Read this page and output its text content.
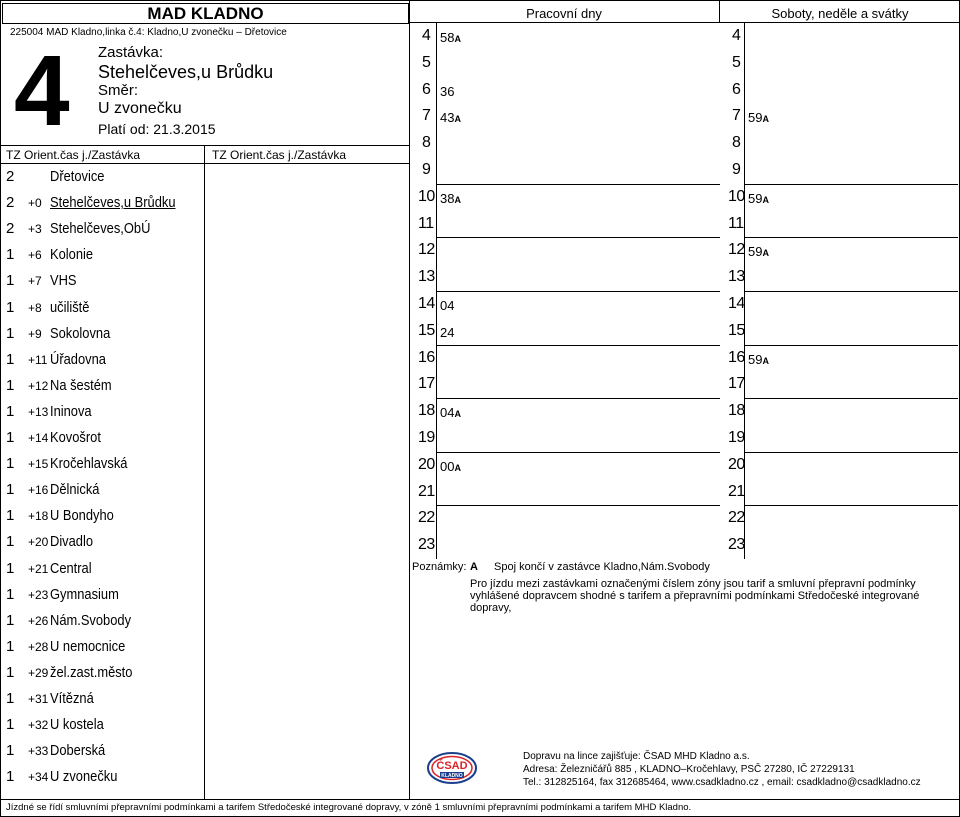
MAD KLADNO
225004 MAD Kladno,linka č.4: Kladno,U zvonečku – Dřetovice
4 Zastávka:
Stehelčeves,u Brůdku
Směr:
U zvonečku
Platí od: 21.3.2015
TZ Orient.čas j./Zastávka	TZ Orient.čas j./Zastávka
2	Dřetovice
2	+0 Stehelčeves,u Brůdku
2	+3 Stehelčeves,ObÚ
1	+6 Kolonie
1	+7 VHS
1	+8 učiliště
1	+9 Sokolovna
1	+11 Úřadovna
1	+12 Na šestém
1	+13 Ininova
1	+14 Kovošrot
1	+15 Kročehlavská
1	+16 Dělnická
1	+18 U Bondyho
1	+20 Divadlo
1	+21 Central
1	+23 Gymnasium
1	+26 Nám.Svobody
1	+28 U nemocnice
1	+29 žel.zast.město
1	+31 Vítězná
1	+32 U kostela
1	+33 Doberská
1	+34 U zvonečku
Pracovní dny
4 58A
5
6 36
7 43A
8
9
10 38A
11
12
13
14 04
15 24
16
17
18 04A
19
20 00A
21
22
23
Soboty, neděle a svátky
4
5
6
7 59A
8
9
10 59A
11
12 59A
13
14
15
16 59A
17
18
19
20
21
22
23
Poznámky: A Spoj končí v zastávce Kladno,Nám.Svobody
Pro jízdu mezi zastávkami označenými číslem zóny jsou tarif a smluvní přepravní podmínky vyhlášené dopravcem shodné s tarifem a přepravními podmínkami Středočeské integrované dopravy,
ČSAD
KLADNO
Dopravu na lince zajišťuje: ČSAD MHD Kladno a.s.
Adresa: Železničářů 885 , KLADNO–Kročehlavy, PSČ 27280, IČ 27229131
Tel.: 312825164, fax 312685464, www.csadkladno.cz , email: csadkladno@csadkladno.cz
Jízdné se řídí smluvními přepravními podmínkami a tarifem Středočeské integrované dopravy, v zóně 1 smluvními přepravními podmínkami a tarifem MHD Kladno.
